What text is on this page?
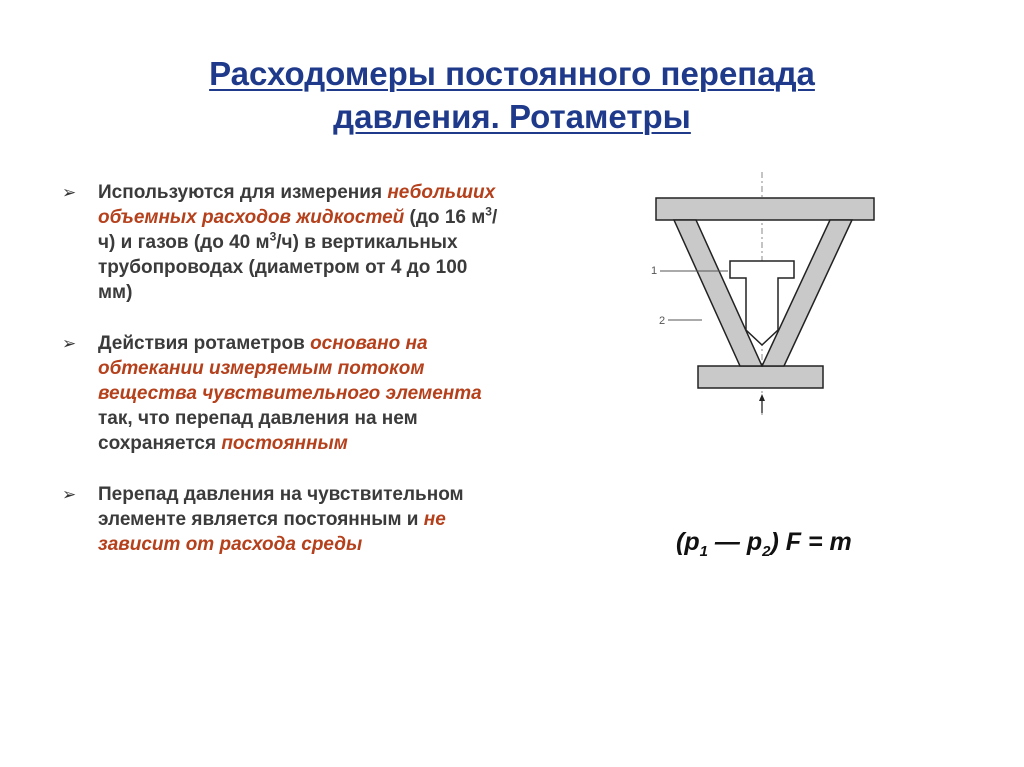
Расходомеры постоянного перепада
давления. Ротаметры
➢ Используются для измерения небольших объемных расходов жидкостей (до 16 $м^3/ч$) и газов (до 40 $м^3/ч$) в вертикальных трубопроводах (диаметром от 4 до 100 мм)
➢ Действия ротаметров основано на обтекании измеряемым потоком вещества чувствительного элемента так, что перепад давления на нем сохраняется постоянным
➢ Перепад давления на чувствительном элементе является постоянным и не зависит от расхода среды
1
2
($p_1$ — $p_2$) F = m
